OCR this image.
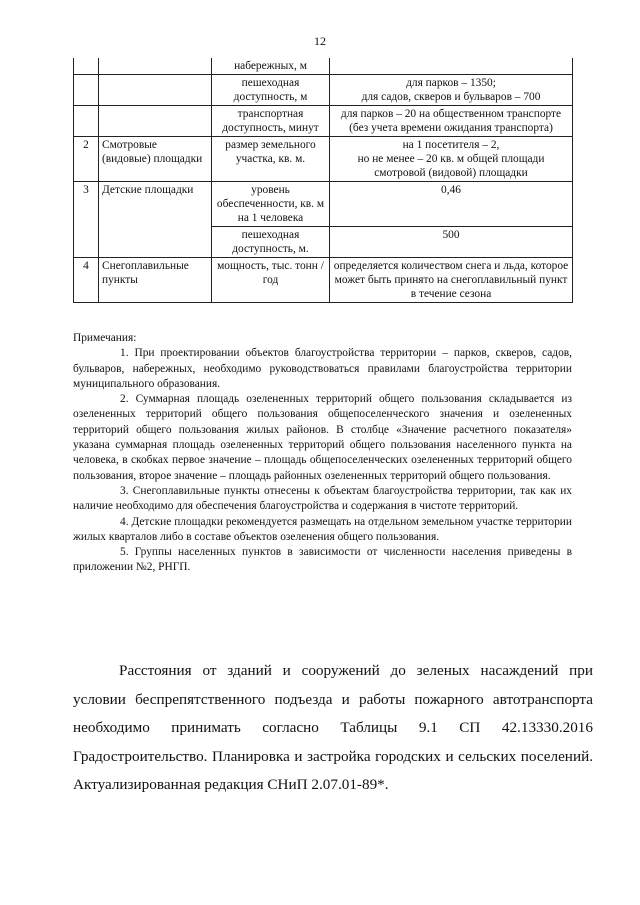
12
		набережных, м	
		пешеходная доступность, м	для парков – 1350;
для садов, скверов и бульваров – 700

		транспортная доступность, минут	для парков – 20 на общественном транспорте (без учета времени ожидания транспорта)
2	Смотровые (видовые) площадки	размер земельного участка, кв. м.	на 1 посетителя – 2,
но не менее – 20 кв. м общей площади смотровой (видовой) площадки

3	Детские площадки	уровень обеспеченности, кв. м на 1 человека	0,46
		пешеходная доступность, м.	500
4	Снегоплавильные пункты	мощность, тыс. тонн / год	определяется количеством снега и льда, которое может быть принято на снегоплавильный пункт в течение сезона

Примечания:

1. При проектировании объектов благоустройства территории – парков, скверов, садов, бульваров, набережных, необходимо руководствоваться правилами благоустройства территории муниципального образования.

2. Суммарная площадь озелененных территорий общего пользования складывается из озелененных территорий общего пользования общепоселенческого значения и озелененных территорий общего пользования жилых районов. В столбце «Значение расчетного показателя» указана суммарная площадь озелененных территорий общего пользования населенного пункта на человека, в скобках первое значение – площадь общепоселенческих озелененных территорий общего пользования, второе значение – площадь районных озелененных территорий общего пользования.

3. Снегоплавильные пункты отнесены к объектам благоустройства территории, так как их наличие необходимо для обеспечения благоустройства и содержания в чистоте территорий.

4. Детские площадки рекомендуется размещать на отдельном земельном участке территории жилых кварталов либо в составе объектов озеленения общего пользования.

5. Группы населенных пунктов в зависимости от численности населения приведены в приложении №2, РНГП.

Расстояния от зданий и сооружений до зеленых насаждений при условии беспрепятственного подъезда и работы пожарного автотранспорта необходимо принимать согласно Таблицы 9.1 СП 42.13330.2016 Градостроительство. Планировка и застройка городских и сельских поселений. Актуализированная редакция СНиП 2.07.01-89*.
